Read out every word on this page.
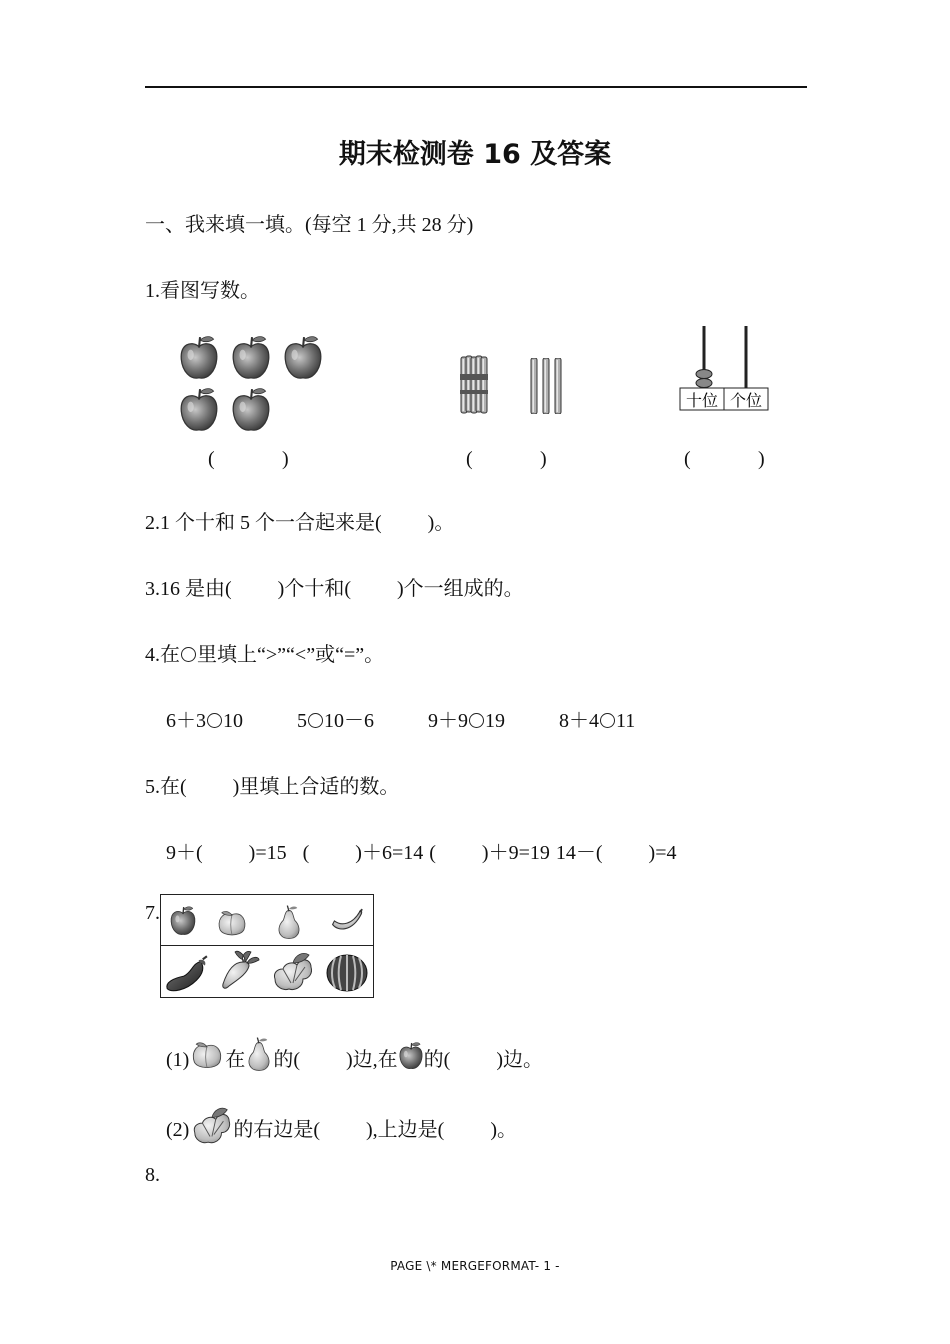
期末检测卷 16 及答案
一、我来填一填。(每空 1 分,共 28 分)
1.看图写数。
十位 个位
(	)	(	)	(	)
2.1 个十和 5 个一合起来是( )。
3.16 是由( )个十和( )个一组成的。
4.在 里填上“>”“<”或“=”。
6＋3 10	5 10－6	9＋9 19	8＋4 11
5.在( )里填上合适的数。
9＋( )=15 ( )＋6=14 ( )＋9=19 14－( )=4
7.
(1) 在 的( )边,在 的( )边。
(2) 的右边是( ),上边是( )。
8.
PAGE \* MERGEFORMAT- 1 -
